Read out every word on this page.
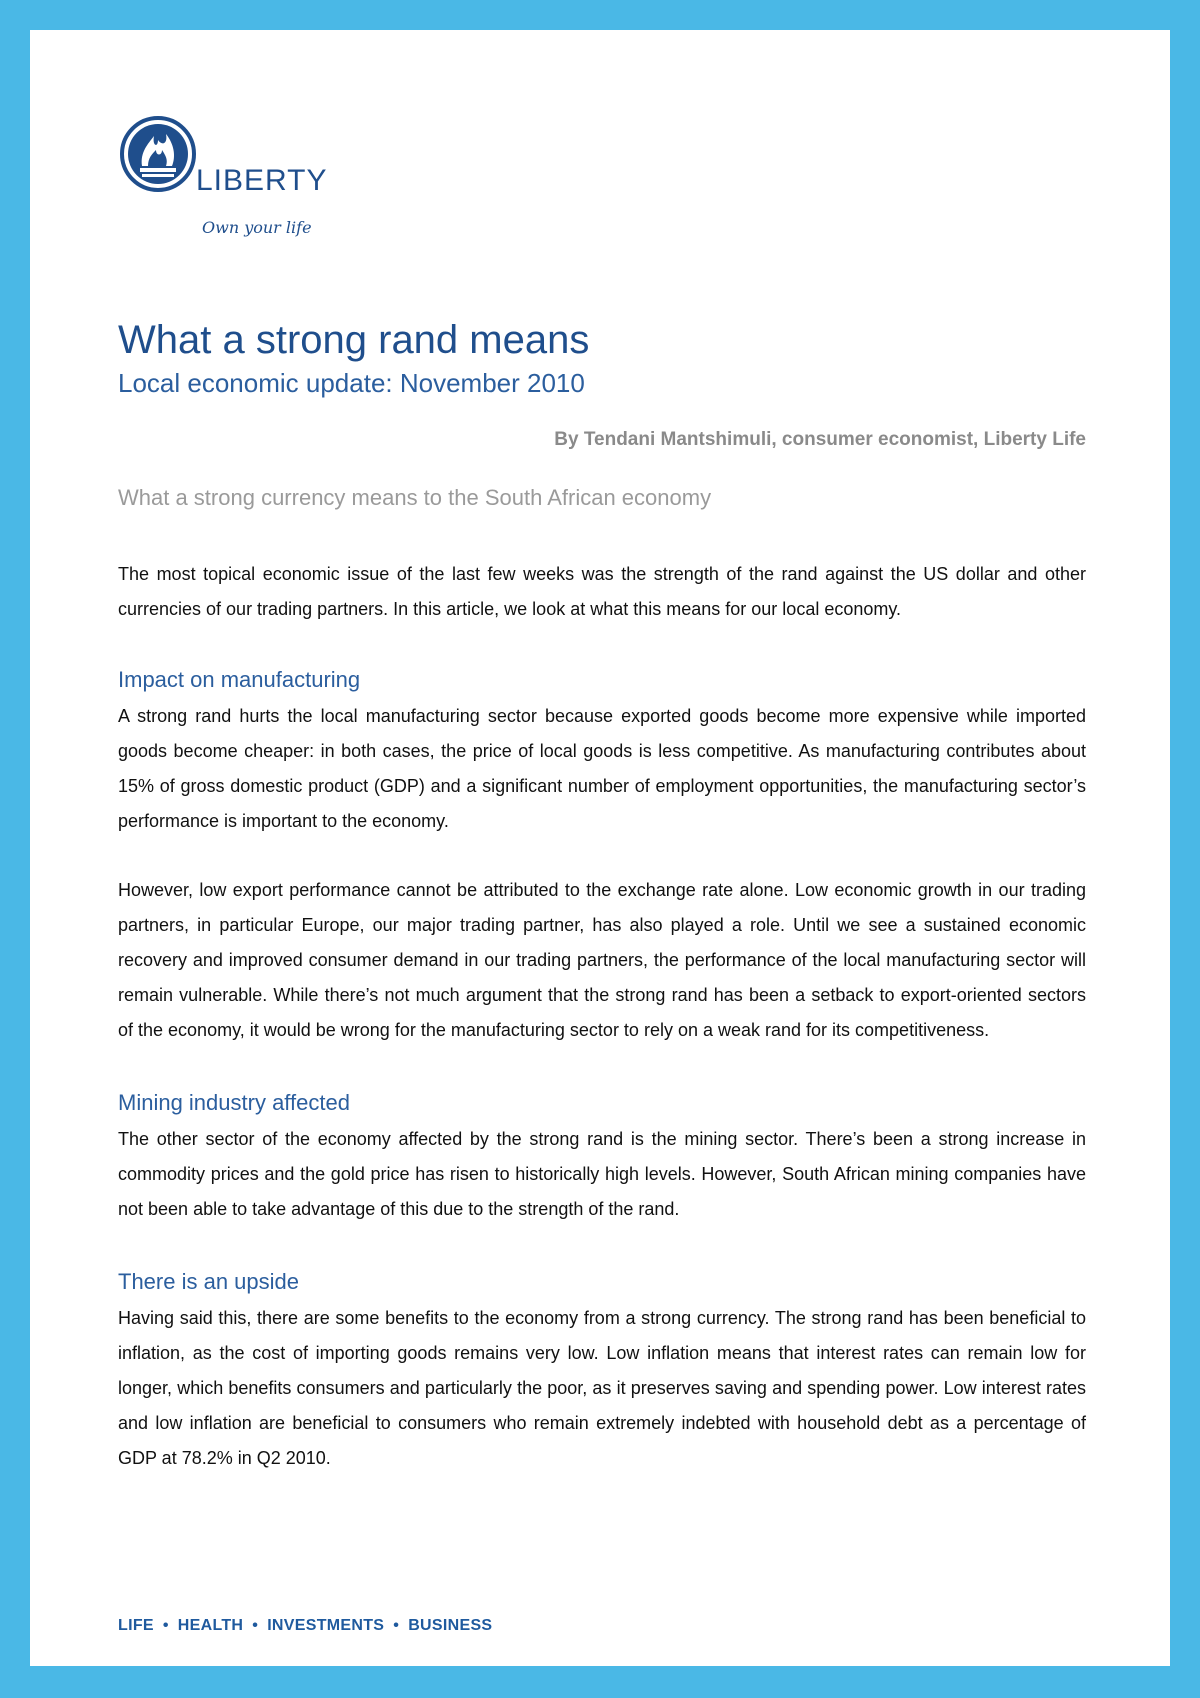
LIBERTY
Own your life
What a strong rand means
Local economic update: November 2010
By Tendani Mantshimuli, consumer economist, Liberty Life
What a strong currency means to the South African economy

The most topical economic issue of the last few weeks was the strength of the rand against the US dollar and other currencies of our trading partners. In this article, we look at what this means for our local economy.

Impact on manufacturing

A strong rand hurts the local manufacturing sector because exported goods become more expensive while imported goods become cheaper: in both cases, the price of local goods is less competitive. As manufacturing contributes about 15% of gross domestic product (GDP) and a significant number of employment opportunities, the manufacturing sector’s performance is important to the economy.

However, low export performance cannot be attributed to the exchange rate alone. Low economic growth in our trading partners, in particular Europe, our major trading partner, has also played a role. Until we see a sustained economic recovery and improved consumer demand in our trading partners, the performance of the local manufacturing sector will remain vulnerable. While there’s not much argument that the strong rand has been a setback to export-oriented sectors of the economy, it would be wrong for the manufacturing sector to rely on a weak rand for its competitiveness.

Mining industry affected

The other sector of the economy affected by the strong rand is the mining sector. There’s been a strong increase in commodity prices and the gold price has risen to historically high levels. However, South African mining companies have not been able to take advantage of this due to the strength of the rand.

There is an upside

Having said this, there are some benefits to the economy from a strong currency. The strong rand has been beneficial to inflation, as the cost of importing goods remains very low. Low inflation means that interest rates can remain low for longer, which benefits consumers and particularly the poor, as it preserves saving and spending power. Low interest rates and low inflation are beneficial to consumers who remain extremely indebted with household debt as a percentage of GDP at 78.2% in Q2 2010.

LIFE • HEALTH • INVESTMENTS • BUSINESS
